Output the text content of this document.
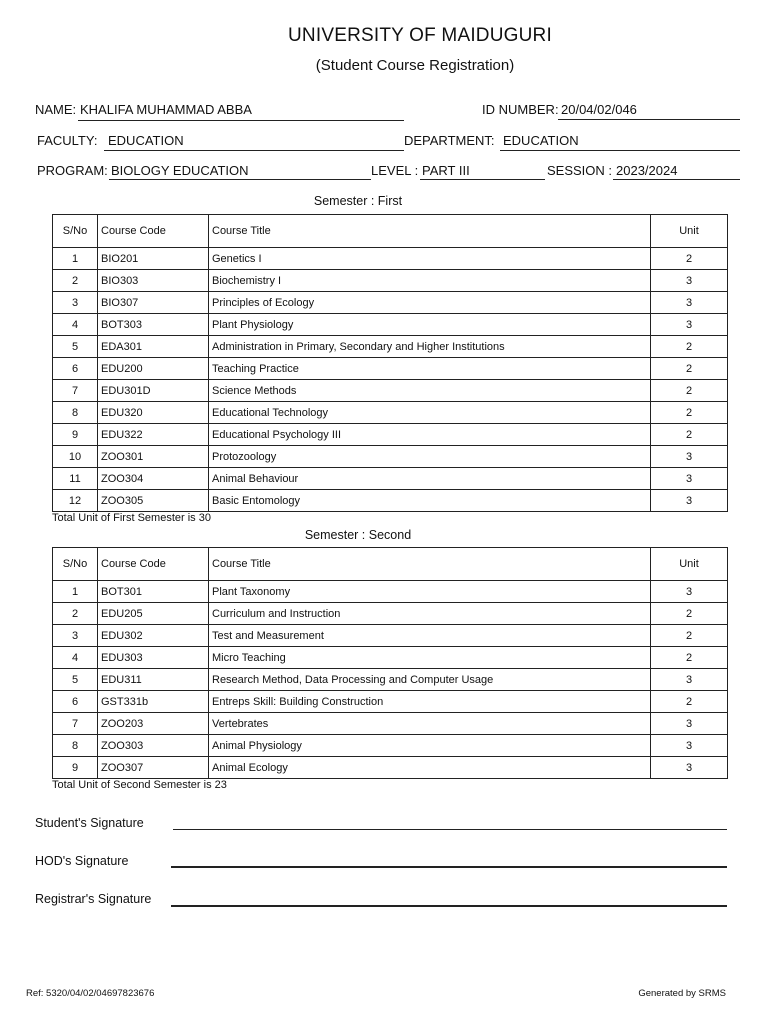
UNIVERSITY OF MAIDUGURI
(Student Course Registration)
NAME: KHALIFA MUHAMMAD ABBA	ID NUMBER: 20/04/02/046
FACULTY: EDUCATION	DEPARTMENT: EDUCATION
PROGRAM: BIOLOGY EDUCATION	LEVEL : PART III	SESSION : 2023/2024
Semester : First
S/No	Course Code	Course Title	Unit
1	BIO201	Genetics I	2
2	BIO303	Biochemistry I	3
3	BIO307	Principles of Ecology	3
4	BOT303	Plant Physiology	3
5	EDA301	Administration in Primary, Secondary and Higher Institutions	2
6	EDU200	Teaching Practice	2
7	EDU301D	Science Methods	2
8	EDU320	Educational Technology	2
9	EDU322	Educational Psychology III	2
10	ZOO301	Protozoology	3
11	ZOO304	Animal Behaviour	3
12	ZOO305	Basic Entomology	3
Total Unit of First Semester is 30
Semester : Second
S/No	Course Code	Course Title	Unit
1	BOT301	Plant Taxonomy	3
2	EDU205	Curriculum and Instruction	2
3	EDU302	Test and Measurement	2
4	EDU303	Micro Teaching	2
5	EDU311	Research Method, Data Processing and Computer Usage	3
6	GST331b	Entreps Skill: Building Construction	2
7	ZOO203	Vertebrates	3
8	ZOO303	Animal Physiology	3
9	ZOO307	Animal Ecology	3
Total Unit of Second Semester is 23
Student's Signature
HOD's Signature
Registrar's Signature
Ref: 5320/04/02/04697823676	Generated by SRMS
